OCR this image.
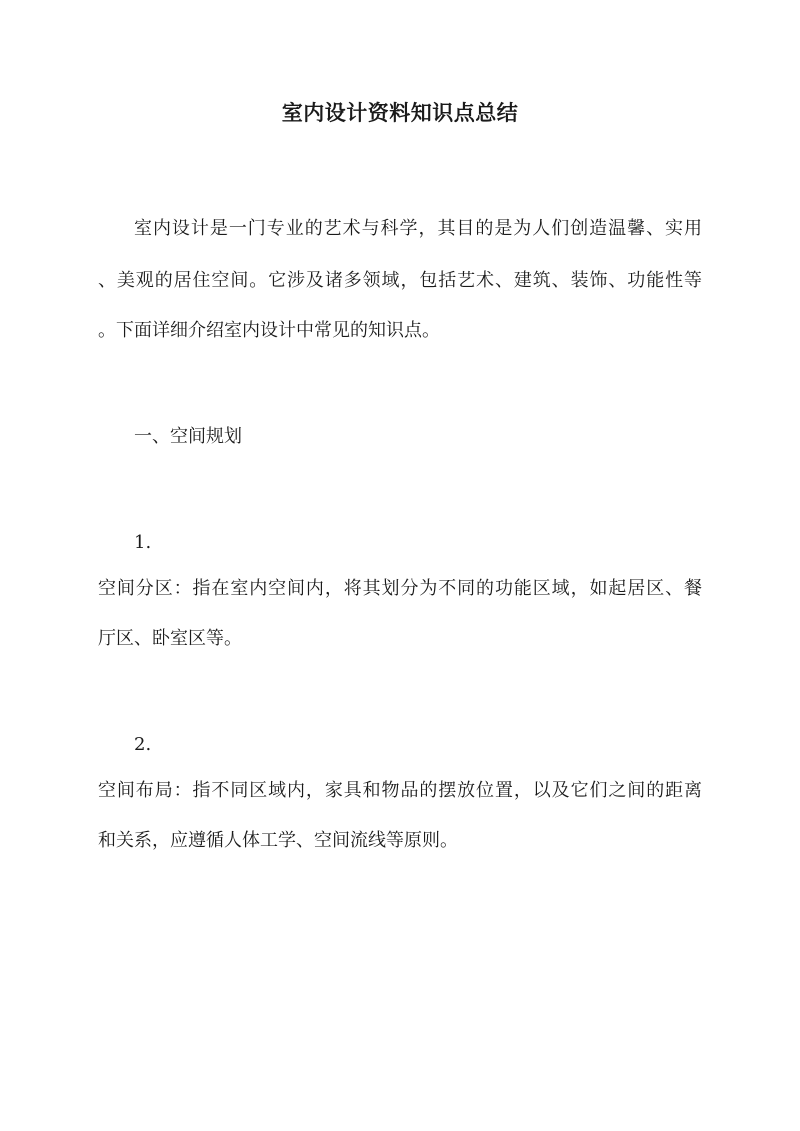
室内设计资料知识点总结
室内设计是一门专业的艺术与科学，其目的是为人们创造温馨、实用
、美观的居住空间。它涉及诸多领域，包括艺术、建筑、装饰、功能性等
。下面详细介绍室内设计中常见的知识点。
一、空间规划
1.
空间分区：指在室内空间内，将其划分为不同的功能区域，如起居区、餐
厅区、卧室区等。
2.
空间布局：指不同区域内，家具和物品的摆放位置，以及它们之间的距离
和关系，应遵循人体工学、空间流线等原则。
